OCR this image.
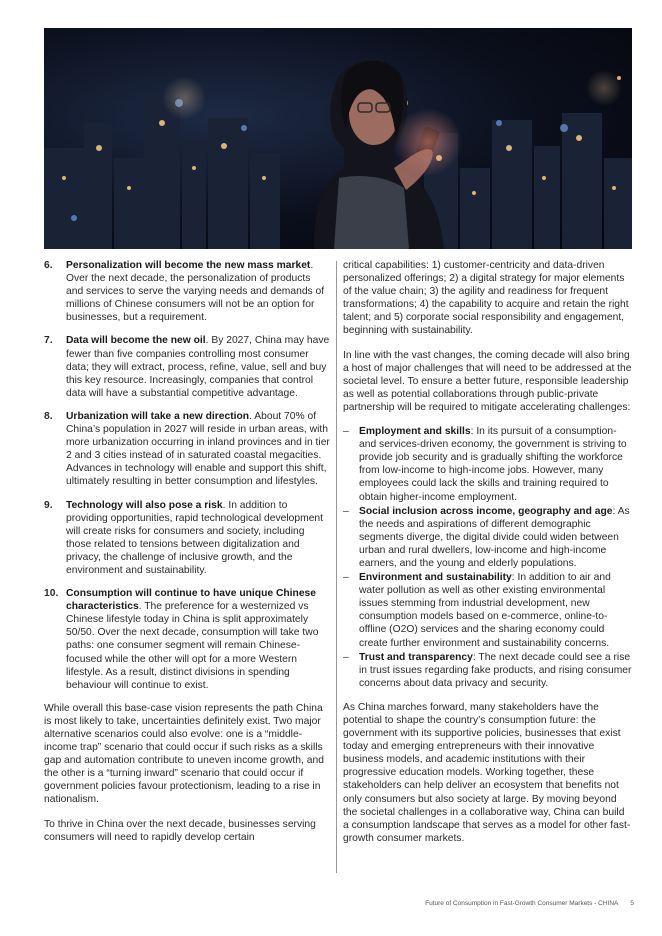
6. Personalization will become the new mass market. Over the next decade, the personalization of products and services to serve the varying needs and demands of millions of Chinese consumers will not be an option for businesses, but a requirement.
7. Data will become the new oil. By 2027, China may have fewer than five companies controlling most consumer data; they will extract, process, refine, value, sell and buy this key resource. Increasingly, companies that control data will have a substantial competitive advantage.
8. Urbanization will take a new direction. About 70% of China’s population in 2027 will reside in urban areas, with more urbanization occurring in inland provinces and in tier 2 and 3 cities instead of in saturated coastal megacities. Advances in technology will enable and support this shift, ultimately resulting in better consumption and lifestyles.
9. Technology will also pose a risk. In addition to providing opportunities, rapid technological development will create risks for consumers and society, including those related to tensions between digitalization and privacy, the challenge of inclusive growth, and the environment and sustainability.
10. Consumption will continue to have unique Chinese characteristics. The preference for a westernized vs Chinese lifestyle today in China is split approximately 50/50. Over the next decade, consumption will take two paths: one consumer segment will remain Chinese-focused while the other will opt for a more Western lifestyle. As a result, distinct divisions in spending behaviour will continue to exist.

While overall this base-case vision represents the path China is most likely to take, uncertainties definitely exist. Two major alternative scenarios could also evolve: one is a “middle-income trap” scenario that could occur if such risks as a skills gap and automation contribute to uneven income growth, and the other is a “turning inward” scenario that could occur if government policies favour protectionism, leading to a rise in nationalism.

To thrive in China over the next decade, businesses serving consumers will need to rapidly develop certain

critical capabilities: 1) customer-centricity and data-driven personalized offerings; 2) a digital strategy for major elements of the value chain; 3) the agility and readiness for frequent transformations; 4) the capability to acquire and retain the right talent; and 5) corporate social responsibility and engagement, beginning with sustainability.

In line with the vast changes, the coming decade will also bring a host of major challenges that will need to be addressed at the societal level. To ensure a better future, responsible leadership as well as potential collaborations through public-private partnership will be required to mitigate accelerating challenges:

– Employment and skills: In its pursuit of a consumption- and services-driven economy, the government is striving to provide job security and is gradually shifting the workforce from low-income to high-income jobs. However, many employees could lack the skills and training required to obtain higher-income employment.
– Social inclusion across income, geography and age: As the needs and aspirations of different demographic segments diverge, the digital divide could widen between urban and rural dwellers, low-income and high-income earners, and the young and elderly populations.
– Environment and sustainability: In addition to air and water pollution as well as other existing environmental issues stemming from industrial development, new consumption models based on e-commerce, online-to-offline (O2O) services and the sharing economy could create further environment and sustainability concerns.
– Trust and transparency: The next decade could see a rise in trust issues regarding fake products, and rising consumer concerns about data privacy and security.

As China marches forward, many stakeholders have the potential to shape the country’s consumption future: the government with its supportive policies, businesses that exist today and emerging entrepreneurs with their innovative business models, and academic institutions with their progressive education models. Working together, these stakeholders can help deliver an ecosystem that benefits not only consumers but also society at large. By moving beyond the societal challenges in a collaborative way, China can build a consumption landscape that serves as a model for other fast-growth consumer markets.

Future of Consumption in Fast-Growth Consumer Markets - CHINA 5
